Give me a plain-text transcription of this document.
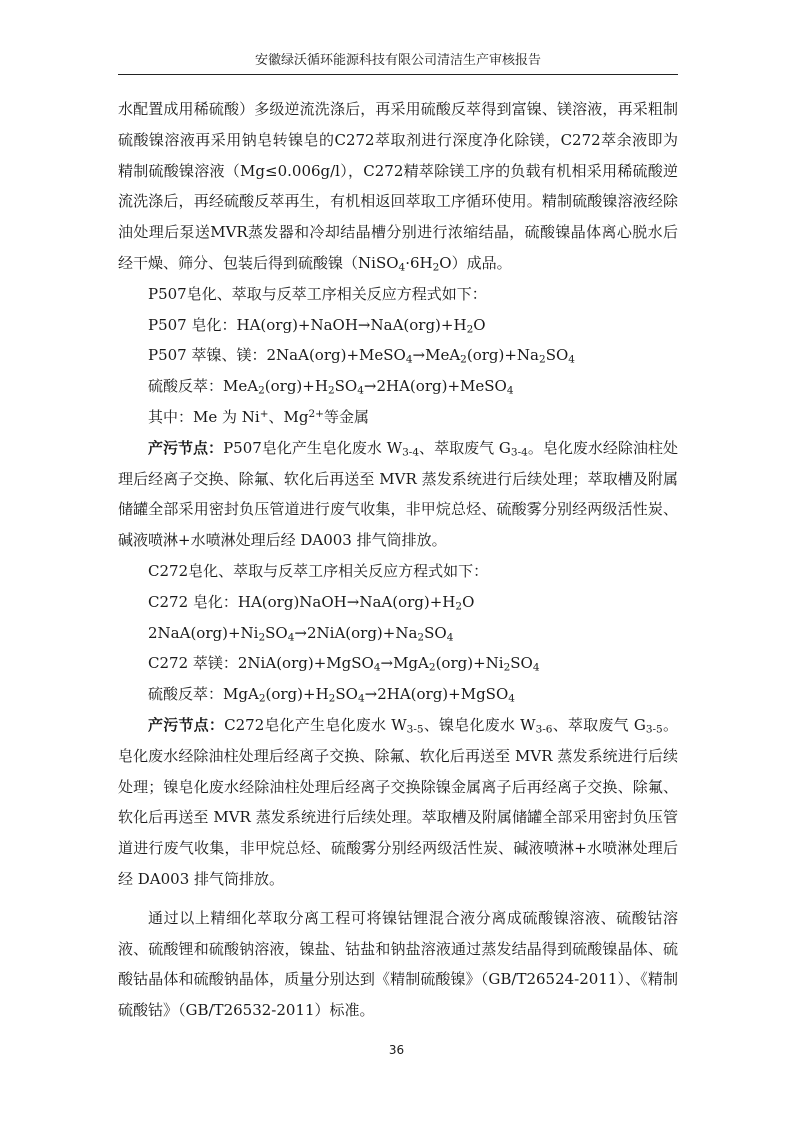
安徽绿沃循环能源科技有限公司清洁生产审核报告

水配置成用稀硫酸）多级逆流洗涤后，再采用硫酸反萃得到富镍、镁溶液，再采粗制硫酸镍溶液再采用钠皂转镍皂的C272萃取剂进行深度净化除镁，C272萃余液即为精制硫酸镍溶液（Mg≤0.006g/l），C272精萃除镁工序的负载有机相采用稀硫酸逆流洗涤后，再经硫酸反萃再生，有机相返回萃取工序循环使用。精制硫酸镍溶液经除油处理后泵送MVR蒸发器和冷却结晶槽分别进行浓缩结晶，硫酸镍晶体离心脱水后经干燥、筛分、包装后得到硫酸镍$(NiSO_4\cdot 6H_2O)$成品。

P507皂化、萃取与反萃工序相关反应方程式如下：

P507 皂化：$HA(org)+NaOH\to NaA(org)+H_2O$

P507 萃镍、镁：$2NaA(org)+MeSO_4\to MeA_2(org)+Na_2SO_4$

硫酸反萃：$MeA_2(org)+H_2SO_4\to 2HA(org)+MeSO_4$

其中：Me 为 Ni+、$Mg^{2+}$等金属

产污节点：P507皂化产生皂化废水 $W_{3-4}$、萃取废气 $G_{3-4}$。皂化废水经除油柱处理后经离子交换、除氟、软化后再送至 MVR 蒸发系统进行后续处理；萃取槽及附属储罐全部采用密封负压管道进行废气收集，非甲烷总烃、硫酸雾分别经两级活性炭、碱液喷淋+水喷淋处理后经 DA003 排气筒排放。

C272皂化、萃取与反萃工序相关反应方程式如下：

C272 皂化：$HA(org)NaOH\to NaA(org)+H_2O$

$2NaA(org)+Ni_2SO_4\to 2NiA(org)+Na_2SO_4$

C272 萃镁：$2NiA(org)+MgSO_4\to MgA_2(org)+Ni_2SO_4$

硫酸反萃：$MgA_2(org)+H_2SO_4\to 2HA(org)+MgSO_4$

产污节点：C272皂化产生皂化废水 $W_{3-5}$、镍皂化废水 $W_{3-6}$、萃取废气 $G_{3-5}$。皂化废水经除油柱处理后经离子交换、除氟、软化后再送至 MVR 蒸发系统进行后续处理；镍皂化废水经除油柱处理后经离子交换除镍金属离子后再经离子交换、除氟、软化后再送至 MVR 蒸发系统进行后续处理。萃取槽及附属储罐全部采用密封负压管道进行废气收集，非甲烷总烃、硫酸雾分别经两级活性炭、碱液喷淋+水喷淋处理后经 DA003 排气筒排放。

通过以上精细化萃取分离工程可将镍钴锂混合液分离成硫酸镍溶液、硫酸钴溶液、硫酸锂和硫酸钠溶液，镍盐、钴盐和钠盐溶液通过蒸发结晶得到硫酸镍晶体、硫酸钴晶体和硫酸钠晶体，质量分别达到《精制硫酸镍》（GB/T26524-2011）、《精制硫酸钴》（GB/T26532-2011）标准。

36
